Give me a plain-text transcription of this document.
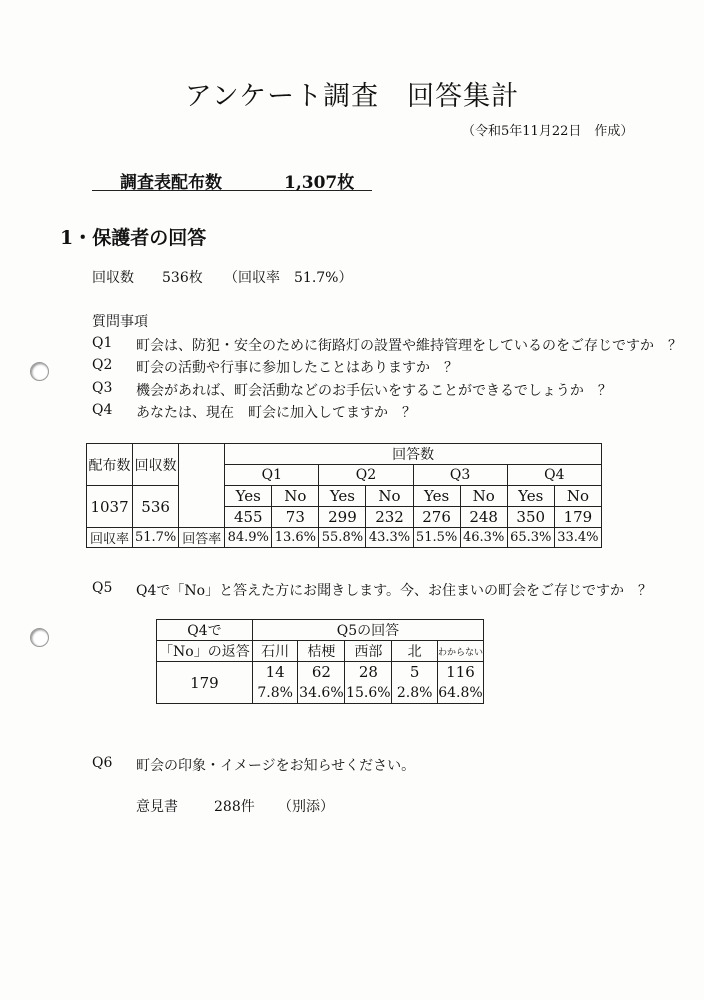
アンケート調査　回答集計
（令和5年11月22日　作成）
調査表配布数	1,307枚
1・保護者の回答
回収数 536枚 （回収率　51.7%）
質問事項
Q1 町会は、防犯・安全のために街路灯の設置や維持管理をしているのをご存じですか　？
Q2 町会の活動や行事に参加したことはありますか　？
Q3 機会があれば、町会活動などのお手伝いをすることができるでしょうか　？
Q4 あなたは、現在　町会に加入してますか　？
配布数	回収数		回答数							
			Q1		Q2		Q3		Q4	
1037	536		Yes	No	Yes	No	Yes	No	Yes	No
			455	73	299	232	276	248	350	179
回収率	51.7%	回答率	84.9%	13.6%	55.8%	43.3%	51.5%	46.3%	65.3%	33.4%
Q5 Q4で「No」と答えた方にお聞きします。今、お住まいの町会をご存じですか　？
Q4で	Q5の回答				
「No」の返答	石川	桔梗	西部	北	わからない
179	14	62	28	5	116
	7.8%	34.6%	15.6%	2.8%	64.8%
Q6 町会の印象・イメージをお知らせください。
意見書	288件 （別添）
